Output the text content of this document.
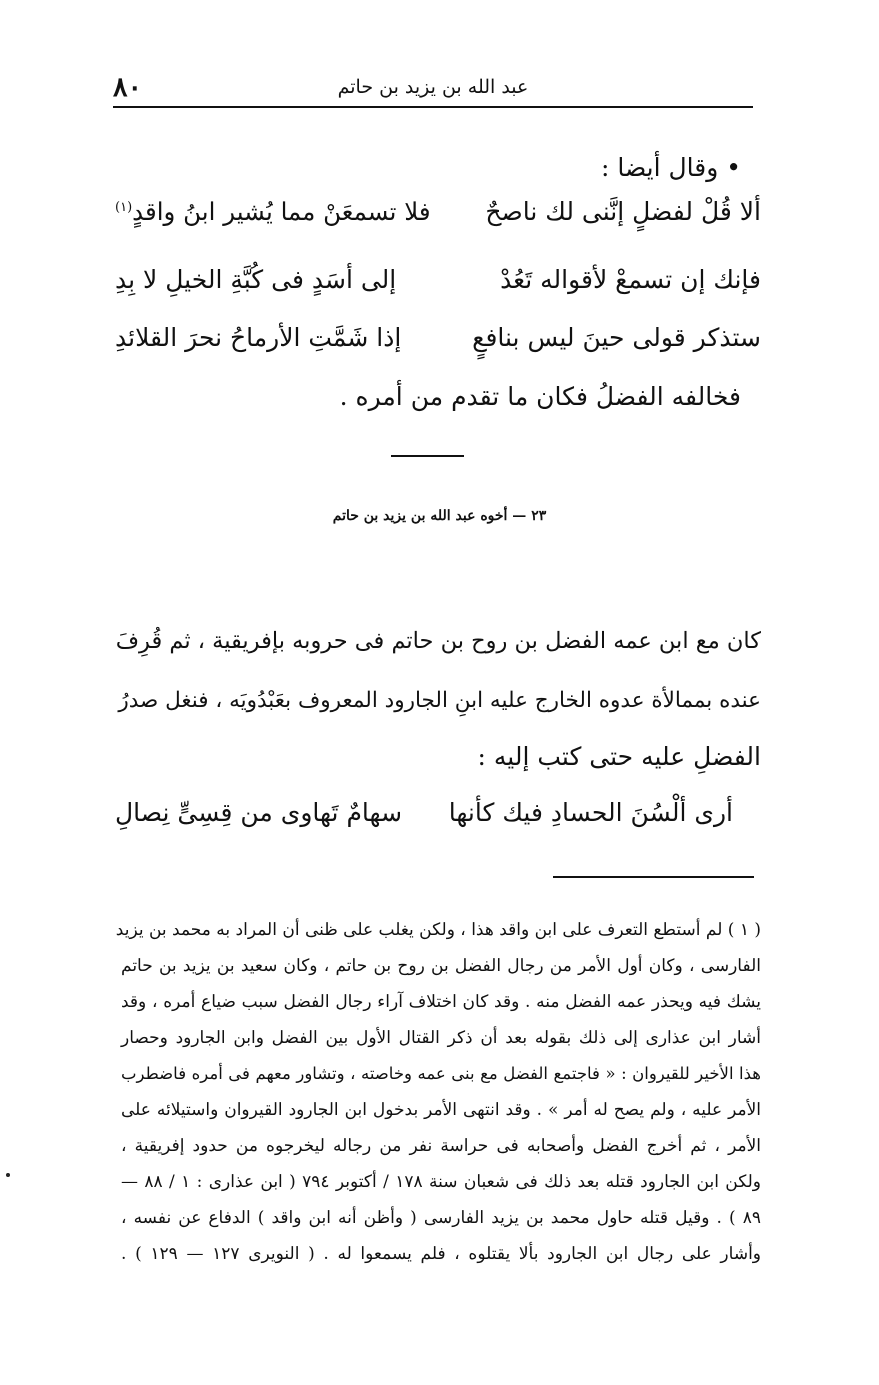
عبد الله بن يزيد بن حاتم
٨٠
• وقال أيضا :
ألا قُلْ لفضلٍ إنَّنى لك ناصحٌ
فلا تسمعَنْ مما يُشير ابنُ واقدٍ$^{(١)}$
فإنك إن تسمعْ لأقواله تَعُدْ
إلى أسَدٍ فى كُبَّةِ الخيلِ لا بِدِ
ستذكر قولى حينَ ليس بنافعٍ
إذا شَمَّتِ الأرماحُ نحرَ القلائدِ
فخالفه الفضلُ فكان ما تقدم من أمره .
٢٣ — أخوه عبد الله بن يزيد بن حاتم
كان مع ابن عمه الفضل بن روح بن حاتم فى حروبه بإفريقية ، ثم قُرِفَ
عنده بممالأة عدوه الخارج عليه ابنِ الجارود المعروف بعَبْدُويَه ، فنغل صدرُ
الفضلِ عليه حتى كتب إليه :
أرى ألْسُنَ الحسادِ فيك كأنها
سهامٌ تَهاوى من قِسِىٍّ نِصالِ
( ١ ) لم أستطع التعرف على ابن واقد هذا ، ولكن يغلب على ظنى أن المراد به محمد بن يزيد
الفارسى ، وكان أول الأمر من رجال الفضل بن روح بن حاتم ، وكان سعيد بن يزيد بن حاتم
يشك فيه ويحذر عمه الفضل منه . وقد كان اختلاف آراء رجال الفضل سبب ضياع أمره ، وقد
أشار ابن عذارى إلى ذلك بقوله بعد أن ذكر القتال الأول بين الفضل وابن الجارود وحصار
هذا الأخير للقيروان : « فاجتمع الفضل مع بنى عمه وخاصته ، وتشاور معهم فى أمره فاضطرب
الأمر عليه ، ولم يصح له أمر » . وقد انتهى الأمر بدخول ابن الجارود القيروان واستيلائه على
الأمر ، ثم أخرج الفضل وأصحابه فى حراسة نفر من رجاله ليخرجوه من حدود إفريقية ،
ولكن ابن الجارود قتله بعد ذلك فى شعبان سنة ١٧٨ / أكتوبر ٧٩٤ ( ابن عذارى : ١ / ٨٨ —
٨٩ ) . وقيل قتله حاول محمد بن يزيد الفارسى ( وأظن أنه ابن واقد ) الدفاع عن نفسه ،
وأشار على رجال ابن الجارود بألا يقتلوه ، فلم يسمعوا له . ( النويرى ١٢٧ — ١٢٩ ) .
